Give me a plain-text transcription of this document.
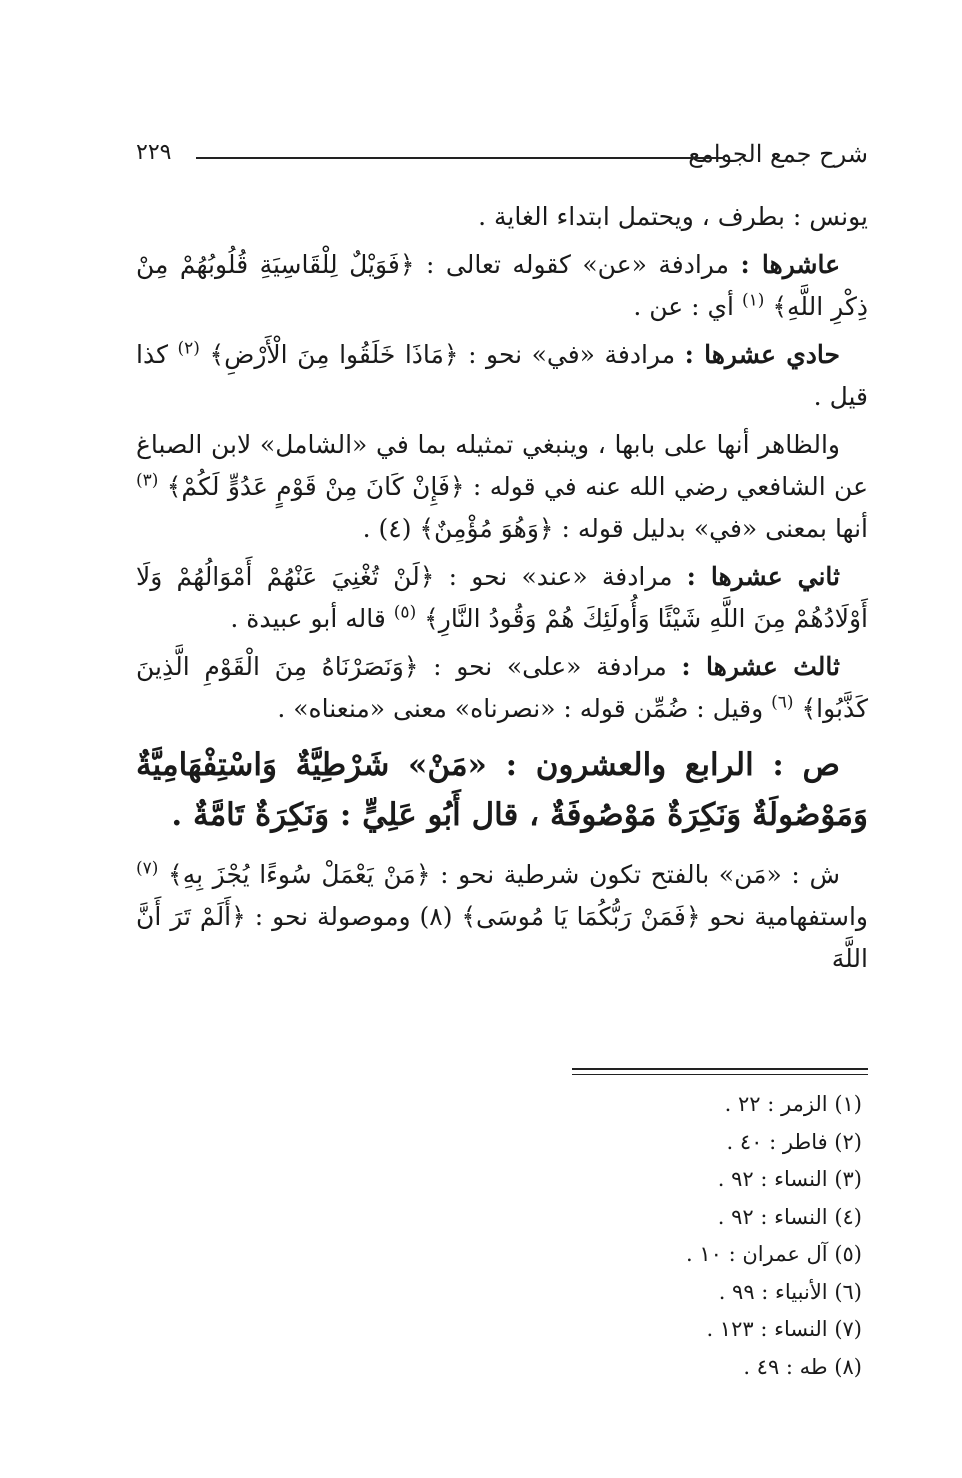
شرح جمع الجوامع
٢٢٩

يونس : بطرف ، ويحتمل ابتداء الغاية .

عاشرها : مرادفة «عن» كقوله تعالى : ﴿فَوَيْلٌ لِلْقَاسِيَةِ قُلُوبُهُمْ مِنْ ذِكْرِ اللَّهِ﴾ $^{(١)}$ أي : عن .

حادي عشرها : مرادفة «في» نحو : ﴿مَاذَا خَلَقُوا مِنَ الْأَرْضِ﴾ $^{(٢)}$ كذا قيل .

والظاهر أنها على بابها ، وينبغي تمثيله بما في «الشامل» لابن الصباغ عن الشافعي رضي الله عنه في قوله : ﴿فَإِنْ كَانَ مِنْ قَوْمٍ عَدُوٍّ لَكُمْ﴾ $^{(٣)}$ أنها بمعنى «في» بدليل قوله : ﴿وَهُوَ مُؤْمِنٌ﴾ (٤) .

ثاني عشرها : مرادفة «عند» نحو : ﴿لَنْ تُغْنِيَ عَنْهُمْ أَمْوَالُهُمْ وَلَا أَوْلَادُهُمْ مِنَ اللَّهِ شَيْئًا وَأُولَئِكَ هُمْ وَقُودُ النَّارِ﴾ $^{(٥)}$ قاله أبو عبيدة .

ثالث عشرها : مرادفة «على» نحو : ﴿وَنَصَرْنَاهُ مِنَ الْقَوْمِ الَّذِينَ كَذَّبُوا﴾ $^{(٦)}$ وقيل : ضُمِّن قوله : «نصرناه» معنى «منعناه» .

ص : الرابع والعشرون : «مَنْ» شَرْطِيَّةٌ وَاسْتِفْهَامِيَّةٌ وَمَوْصُولَةٌ وَنَكِرَةٌ مَوْصُوفَةٌ ، قال أَبُو عَلِيٍّ : وَنَكِرَةٌ تَامَّةٌ .

ش : «مَن» بالفتح تكون شرطية نحو : ﴿مَنْ يَعْمَلْ سُوءًا يُجْزَ بِهِ﴾ $^{(٧)}$ واستفهامية نحو ﴿فَمَنْ رَبُّكُمَا يَا مُوسَى﴾ (٨) وموصولة نحو : ﴿أَلَمْ تَرَ أَنَّ اللَّهَ

(١) الزمر : ٢٢ .
(٢) فاطر : ٤٠ .
(٣) النساء : ٩٢ .
(٤) النساء : ٩٢ .
(٥) آل عمران : ١٠ .
(٦) الأنبياء : ٩٩ .
(٧) النساء : ١٢٣ .
(٨) طه : ٤٩ .
